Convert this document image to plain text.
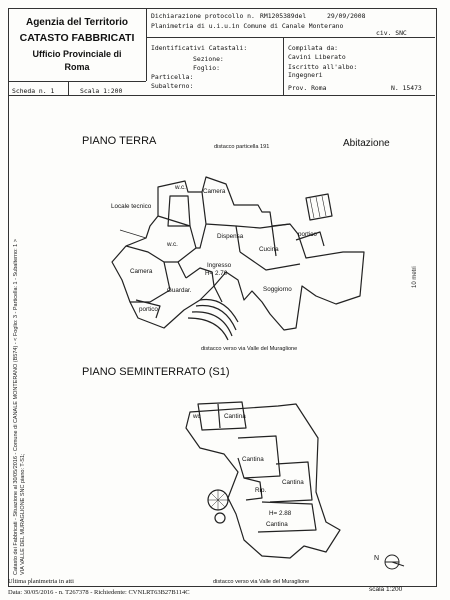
Agenzia del Territorio
CATASTO FABBRICATI
Ufficio Provinciale di
Roma
Dichiarazione protocollo n. RM1205389del	29/09/2008
Planimetria di u.i.u.in Comune di Canale Monterano
civ. SNC
Identificativi Catastali:
Sezione:
Foglio:
Particella:
Subalterno:
Compilata da:
Cavini Liberato
Iscritto all'albo:
Ingegneri
Prov. Roma	N. 15473
Scheda n. 1	Scala 1:200
Catasto dei Fabbricati - Situazione al 30/05/2016 - Comune di CANALE MONTERANO (B574) - < Foglio: 3 - Particella: 1 - Subalterno: 1 > VIA VALLE DEL MURAGLIONE SNC piano: T-S1;
PIANO TERRA	Abitazione
distacco particella 191
Locale tecnico
w.c.
Camera
Dispensa
w.c.
portico
Cucina
Ingresso
H= 2.70
Camera
Guardar.	Soggiorno
portico
distacco verso via Valle del Muraglione
10 metri
PIANO SEMINTERRATO (S1)
wc	Cantina
Cantina
Rip.
Cantina
H= 2.88
Cantina
distacco verso via Valle del Muraglione
N
scala 1:200
Ultima planimetria in atti
Data: 30/05/2016 - n. T267378 - Richiedente: CVNLRT63B27B114C
